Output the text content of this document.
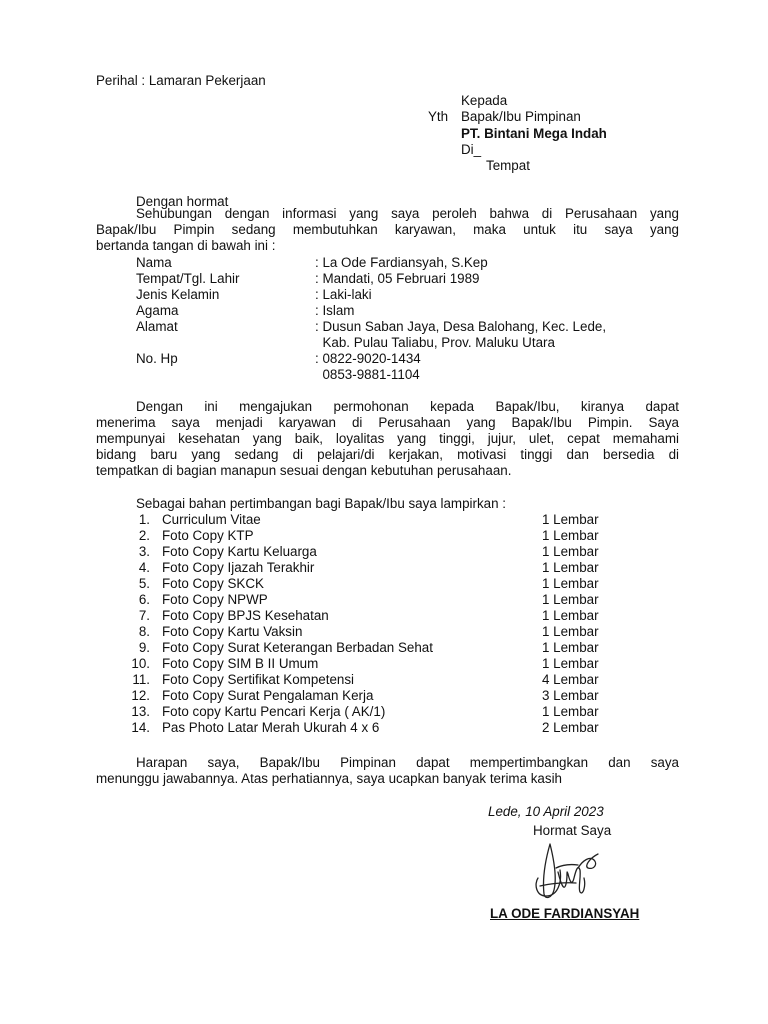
Perihal : Lamaran Pekerjaan
Kepada
Yth Bapak/Ibu Pimpinan
PT. Bintani Mega Indah
Di_
Tempat
Dengan hormat
Sehubungan dengan informasi yang saya peroleh bahwa di Perusahaan yang
Bapak/Ibu Pimpin sedang membutuhkan karyawan, maka untuk itu saya yang
bertanda tangan di bawah ini :
Nama	: La Ode Fardiansyah, S.Kep
Tempat/Tgl. Lahir	: Mandati, 05 Februari 1989
Jenis Kelamin	: Laki-laki
Agama	: Islam
Alamat	: Dusun Saban Jaya, Desa Balohang, Kec. Lede,
Kab. Pulau Taliabu, Prov. Maluku Utara
No. Hp	: 0822-9020-1434
0853-9881-1104
Dengan ini mengajukan permohonan kepada Bapak/Ibu, kiranya dapat
menerima saya menjadi karyawan di Perusahaan yang Bapak/Ibu Pimpin. Saya
mempunyai kesehatan yang baik, loyalitas yang tinggi, jujur, ulet, cepat memahami
bidang baru yang sedang di pelajari/di kerjakan, motivasi tinggi dan bersedia di
tempatkan di bagian manapun sesuai dengan kebutuhan perusahaan.
Sebagai bahan pertimbangan bagi Bapak/Ibu saya lampirkan :
1. Curriculum Vitae	1 Lembar
2. Foto Copy KTP	1 Lembar
3. Foto Copy Kartu Keluarga	1 Lembar
4. Foto Copy Ijazah Terakhir	1 Lembar
5. Foto Copy SKCK	1 Lembar
6. Foto Copy NPWP	1 Lembar
7. Foto Copy BPJS Kesehatan	1 Lembar
8. Foto Copy Kartu Vaksin	1 Lembar
9. Foto Copy Surat Keterangan Berbadan Sehat	1 Lembar
10. Foto Copy SIM B II Umum	1 Lembar
11. Foto Copy Sertifikat Kompetensi	4 Lembar
12. Foto Copy Surat Pengalaman Kerja	3 Lembar
13. Foto copy Kartu Pencari Kerja ( AK/1)	1 Lembar
14. Pas Photo Latar Merah Ukurah 4 x 6	2 Lembar
Harapan saya, Bapak/Ibu Pimpinan dapat mempertimbangkan dan saya
menunggu jawabannya. Atas perhatiannya, saya ucapkan banyak terima kasih
Lede, 10 April 2023
Hormat Saya
LA ODE FARDIANSYAH
